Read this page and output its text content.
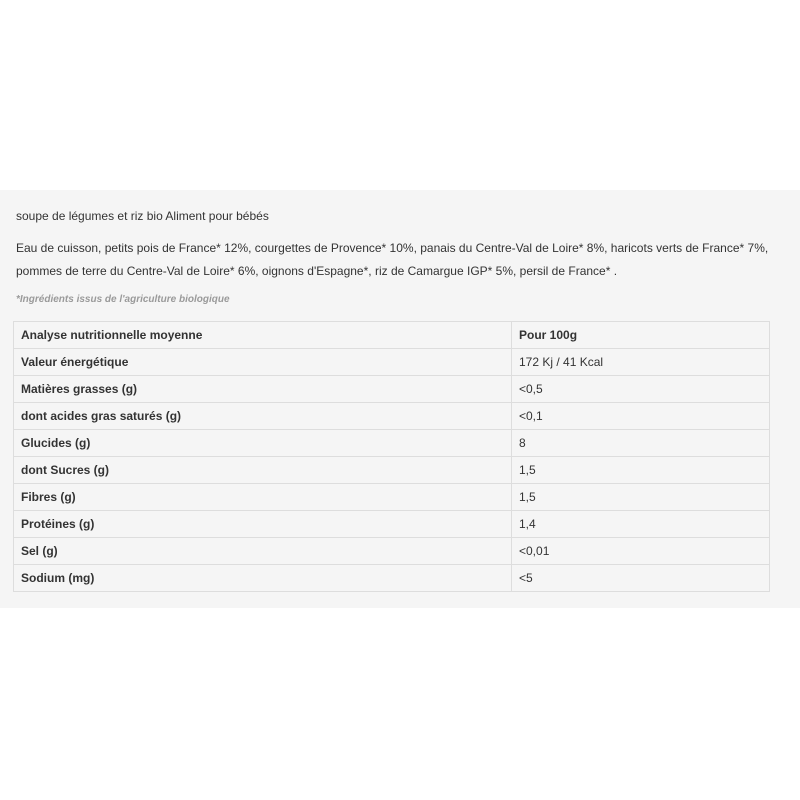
soupe de légumes et riz bio Aliment pour bébés
Eau de cuisson, petits pois de France* 12%, courgettes de Provence* 10%, panais du Centre-Val de Loire* 8%, haricots verts de France* 7%,
pommes de terre du Centre-Val de Loire* 6%, oignons d'Espagne*, riz de Camargue IGP* 5%, persil de France* .
*Ingrédients issus de l'agriculture biologique
Analyse nutritionnelle moyenne	Pour 100g
Valeur énergétique	172 Kj / 41 Kcal
Matières grasses (g)	<0,5
dont acides gras saturés (g)	<0,1
Glucides (g)	8
dont Sucres (g)	1,5
Fibres (g)	1,5
Protéines (g)	1,4
Sel (g)	<0,01
Sodium (mg)	<5
